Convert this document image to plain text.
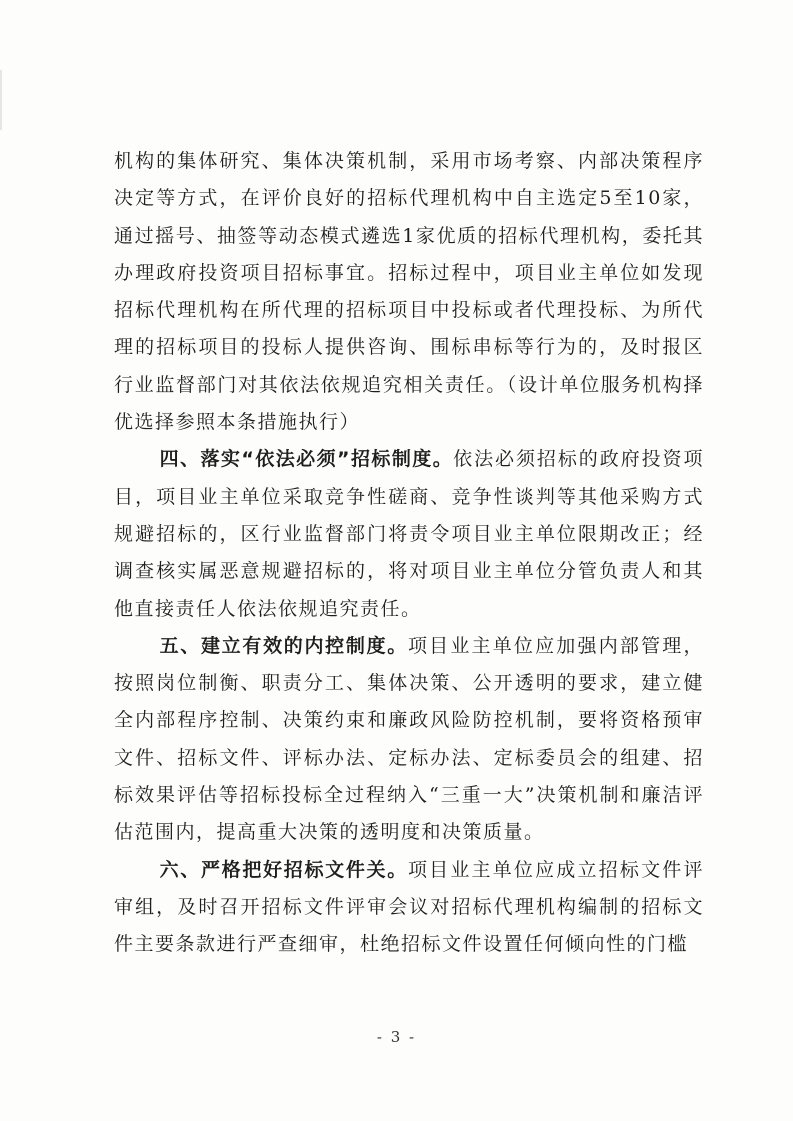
机构的集体研究、集体决策机制，采用市场考察、内部决策程序决定等方式，在评价良好的招标代理机构中自主选定5至10家，通过摇号、抽签等动态模式遴选1家优质的招标代理机构，委托其办理政府投资项目招标事宜。招标过程中，项目业主单位如发现招标代理机构在所代理的招标项目中投标或者代理投标、为所代理的招标项目的投标人提供咨询、围标串标等行为的，及时报区行业监督部门对其依法依规追究相关责任。（设计单位服务机构择优选择参照本条措施执行）

四、落实“依法必须”招标制度。依法必须招标的政府投资项目，项目业主单位采取竞争性磋商、竞争性谈判等其他采购方式规避招标的，区行业监督部门将责令项目业主单位限期改正；经调查核实属恶意规避招标的，将对项目业主单位分管负责人和其他直接责任人依法依规追究责任。

五、建立有效的内控制度。项目业主单位应加强内部管理，按照岗位制衡、职责分工、集体决策、公开透明的要求，建立健全内部程序控制、决策约束和廉政风险防控机制，要将资格预审文件、招标文件、评标办法、定标办法、定标委员会的组建、招标效果评估等招标投标全过程纳入“三重一大”决策机制和廉洁评估范围内，提高重大决策的透明度和决策质量。

六、严格把好招标文件关。项目业主单位应成立招标文件评审组，及时召开招标文件评审会议对招标代理机构编制的招标文件主要条款进行严查细审，杜绝招标文件设置任何倾向性的门槛

- 3 -
